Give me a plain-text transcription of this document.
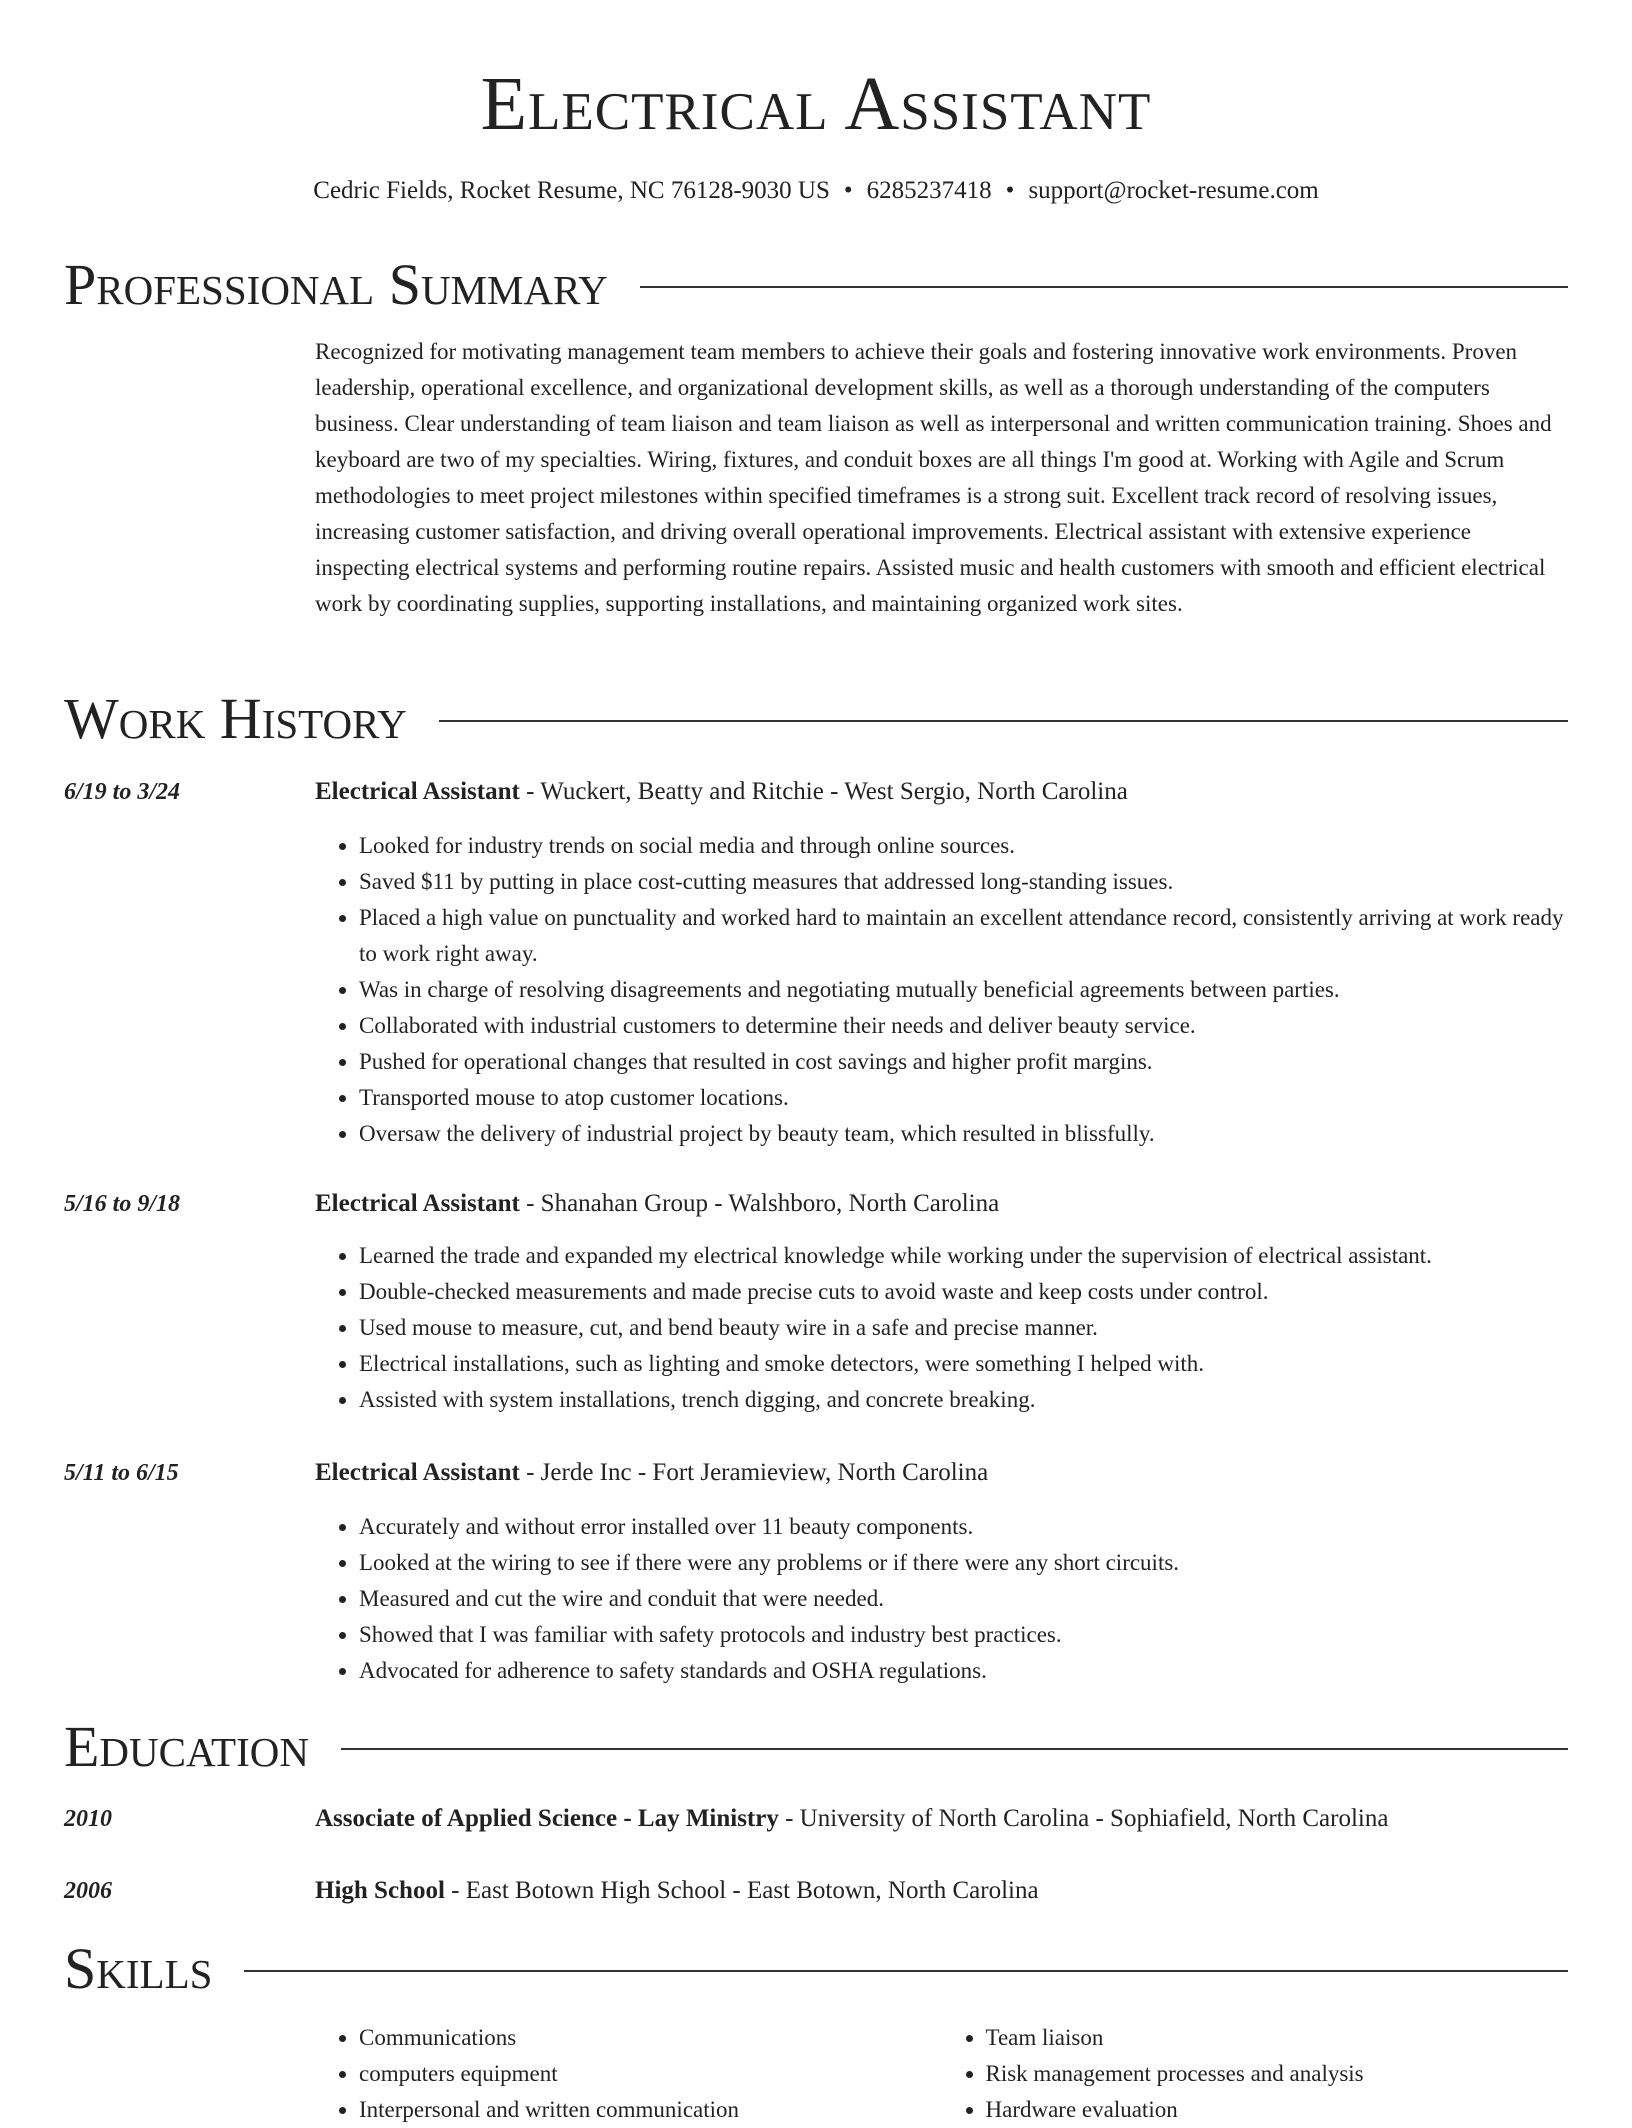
Electrical Assistant
Cedric Fields, Rocket Resume, NC 76128-9030 US • 6285237418 • support@rocket-resume.com
Professional Summary
Recognized for motivating management team members to achieve their goals and fostering innovative work environments. Proven leadership, operational excellence, and organizational development skills, as well as a thorough understanding of the computers business. Clear understanding of team liaison and team liaison as well as interpersonal and written communication training. Shoes and keyboard are two of my specialties. Wiring, fixtures, and conduit boxes are all things I'm good at. Working with Agile and Scrum methodologies to meet project milestones within specified timeframes is a strong suit. Excellent track record of resolving issues, increasing customer satisfaction, and driving overall operational improvements. Electrical assistant with extensive experience inspecting electrical systems and performing routine repairs. Assisted music and health customers with smooth and efficient electrical work by coordinating supplies, supporting installations, and maintaining organized work sites.
Work History
6/19 to 3/24	Electrical Assistant - Wuckert, Beatty and Ritchie - West Sergio, North Carolina
• Looked for industry trends on social media and through online sources.
• Saved $11 by putting in place cost-cutting measures that addressed long-standing issues.
• Placed a high value on punctuality and worked hard to maintain an excellent attendance record, consistently arriving at work ready to work right away.
• Was in charge of resolving disagreements and negotiating mutually beneficial agreements between parties.
• Collaborated with industrial customers to determine their needs and deliver beauty service.
• Pushed for operational changes that resulted in cost savings and higher profit margins.
• Transported mouse to atop customer locations.
• Oversaw the delivery of industrial project by beauty team, which resulted in blissfully.
5/16 to 9/18	Electrical Assistant - Shanahan Group - Walshboro, North Carolina
• Learned the trade and expanded my electrical knowledge while working under the supervision of electrical assistant.
• Double-checked measurements and made precise cuts to avoid waste and keep costs under control.
• Used mouse to measure, cut, and bend beauty wire in a safe and precise manner.
• Electrical installations, such as lighting and smoke detectors, were something I helped with.
• Assisted with system installations, trench digging, and concrete breaking.
5/11 to 6/15	Electrical Assistant - Jerde Inc - Fort Jeramieview, North Carolina
• Accurately and without error installed over 11 beauty components.
• Looked at the wiring to see if there were any problems or if there were any short circuits.
• Measured and cut the wire and conduit that were needed.
• Showed that I was familiar with safety protocols and industry best practices.
• Advocated for adherence to safety standards and OSHA regulations.
Education
2010	Associate of Applied Science - Lay Ministry - University of North Carolina - Sophiafield, North Carolina
2006	High School - East Botown High School - East Botown, North Carolina
Skills
• Communications
• computers equipment
• Interpersonal and written communication
• Team liaison
• Risk management processes and analysis
• Hardware evaluation
